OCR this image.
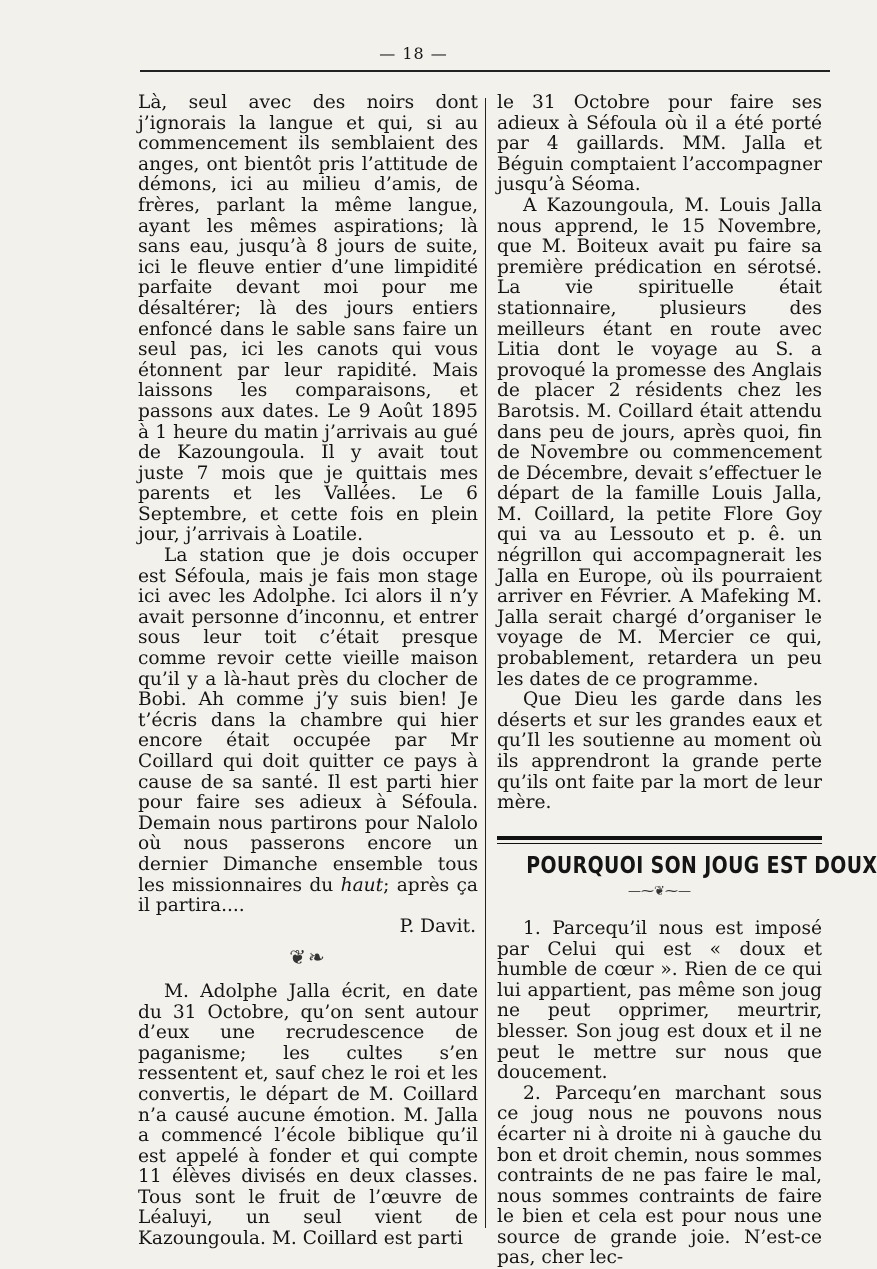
— 18 —

Là, seul avec des noirs dont j’ignorais la langue et qui, si au commencement ils semblaient des anges, ont bientôt pris l’attitude de démons, ici au milieu d’amis, de frères, parlant la même langue, ayant les mêmes aspirations; là sans eau, jusqu’à 8 jours de suite, ici le fleuve entier d’une limpidité parfaite devant moi pour me désaltérer; là des jours entiers enfoncé dans le sable sans faire un seul pas, ici les canots qui vous étonnent par leur rapidité. Mais laissons les comparaisons, et passons aux dates. Le 9 Août 1895 à 1 heure du matin j’arrivais au gué de Kazoungoula. Il y avait tout juste 7 mois que je quittais mes parents et les Vallées. Le 6 Septembre, et cette fois en plein jour, j’arrivais à Loatile.

La station que je dois occuper est Séfoula, mais je fais mon stage ici avec les Adolphe. Ici alors il n’y avait personne d’inconnu, et entrer sous leur toit c’était presque comme revoir cette vieille maison qu’il y a là-haut près du clocher de Bobi. Ah comme j’y suis bien! Je t’écris dans la chambre qui hier encore était occupée par Mr Coillard qui doit quitter ce pays à cause de sa santé. Il est parti hier pour faire ses adieux à Séfoula. Demain nous partirons pour Nalolo où nous passerons encore un dernier Dimanche ensemble tous les missionnaires du haut; après ça il partira....

P. Davit.

❦❧

M. Adolphe Jalla écrit, en date du 31 Octobre, qu’on sent autour d’eux une recrudescence de paganisme; les cultes s’en ressentent et, sauf chez le roi et les convertis, le départ de M. Coillard n’a causé aucune émotion. M. Jalla a commencé l’école biblique qu’il est appelé à fonder et qui compte 11 élèves divisés en deux classes. Tous sont le fruit de l’œuvre de Léaluyi, un seul vient de Kazoungoula. M. Coillard est parti

le 31 Octobre pour faire ses adieux à Séfoula où il a été porté par 4 gaillards. MM. Jalla et Béguin comptaient l’accompagner jusqu’à Séoma.

A Kazoungoula, M. Louis Jalla nous apprend, le 15 Novembre, que M. Boiteux avait pu faire sa première prédication en sérotsé. La vie spirituelle était stationnaire, plusieurs des meilleurs étant en route avec Litia dont le voyage au S. a provoqué la promesse des Anglais de placer 2 résidents chez les Barotsis. M. Coillard était attendu dans peu de jours, après quoi, fin de Novembre ou commencement de Décembre, devait s’effectuer le départ de la famille Louis Jalla, M. Coillard, la petite Flore Goy qui va au Lessouto et p. ê. un négrillon qui accompagnerait les Jalla en Europe, où ils pourraient arriver en Février. A Mafeking M. Jalla serait chargé d’organiser le voyage de M. Mercier ce qui, probablement, retardera un peu les dates de ce programme.

Que Dieu les garde dans les déserts et sur les grandes eaux et qu’Il les soutienne au moment où ils apprendront la grande perte qu’ils ont faite par la mort de leur mère.

POURQUOI SON JOUG EST DOUX
—⁓❦⁓—

1. Parcequ’il nous est imposé par Celui qui est « doux et humble de cœur ». Rien de ce qui lui appartient, pas même son joug ne peut opprimer, meurtrir, blesser. Son joug est doux et il ne peut le mettre sur nous que doucement.

2. Parcequ’en marchant sous ce joug nous ne pouvons nous écarter ni à droite ni à gauche du bon et droit chemin, nous sommes contraints de ne pas faire le mal, nous sommes contraints de faire le bien et cela est pour nous une source de grande joie. N’est-ce pas, cher lec-
